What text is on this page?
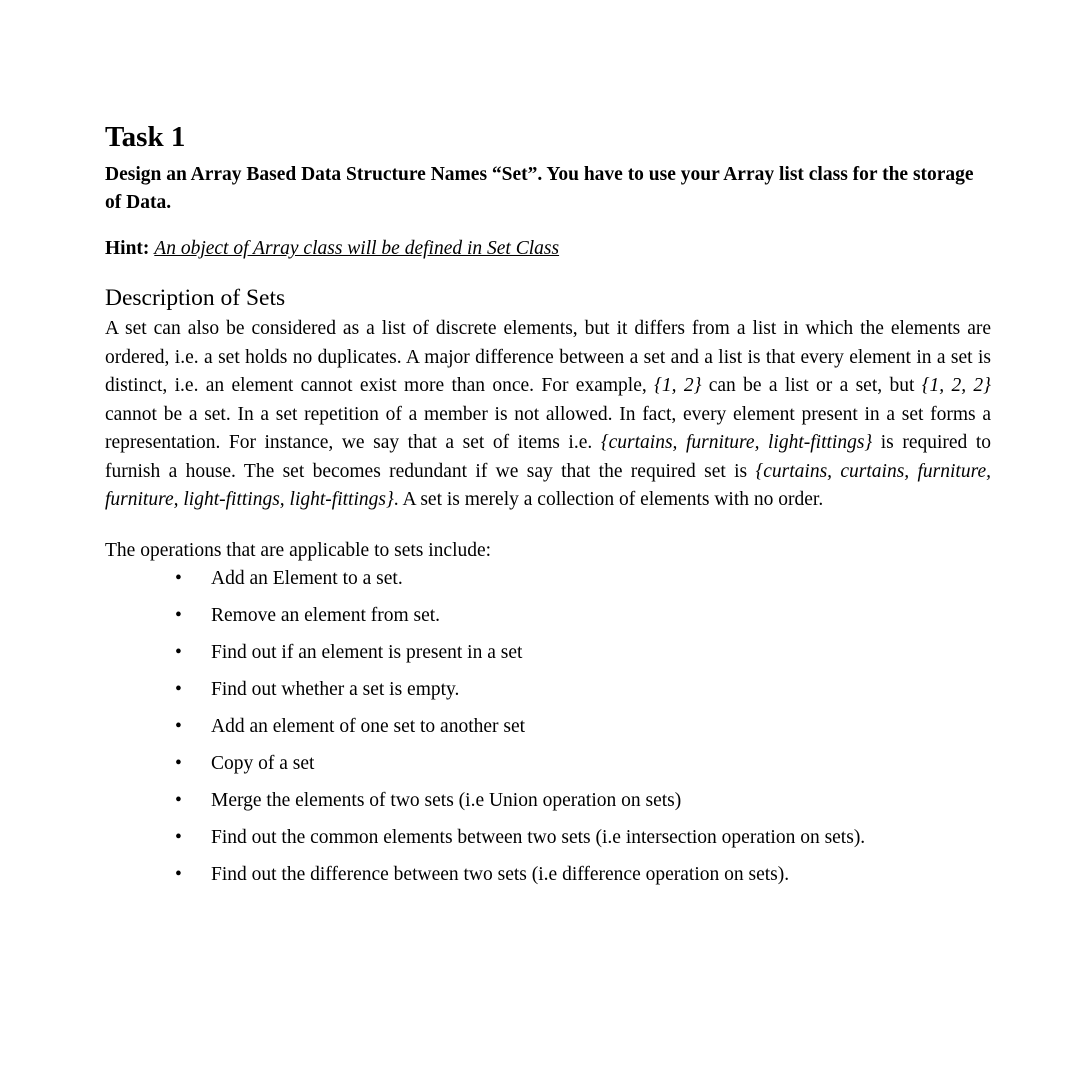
Task 1

Design an Array Based Data Structure Names “Set”. You have to use your Array list class for the storage of Data.

Hint: An object of Array class will be defined in Set Class

Description of Sets

A set can also be considered as a list of discrete elements, but it differs from a list in which the elements are ordered, i.e. a set holds no duplicates. A major difference between a set and a list is that every element in a set is distinct, i.e. an element cannot exist more than once. For example, {1, 2} can be a list or a set, but {1, 2, 2} cannot be a set. In a set repetition of a member is not allowed. In fact, every element present in a set forms a representation. For instance, we say that a set of items i.e. {curtains, furniture, light-fittings} is required to furnish a house. The set becomes redundant if we say that the required set is {curtains, curtains, furniture, furniture, light-fittings, light-fittings}. A set is merely a collection of elements with no order.

The operations that are applicable to sets include:

• Add an Element to a set.
• Remove an element from set.
• Find out if an element is present in a set
• Find out whether a set is empty.
• Add an element of one set to another set
• Copy of a set
• Merge the elements of two sets (i.e Union operation on sets)
• Find out the common elements between two sets (i.e intersection operation on sets).
• Find out the difference between two sets (i.e difference operation on sets).
